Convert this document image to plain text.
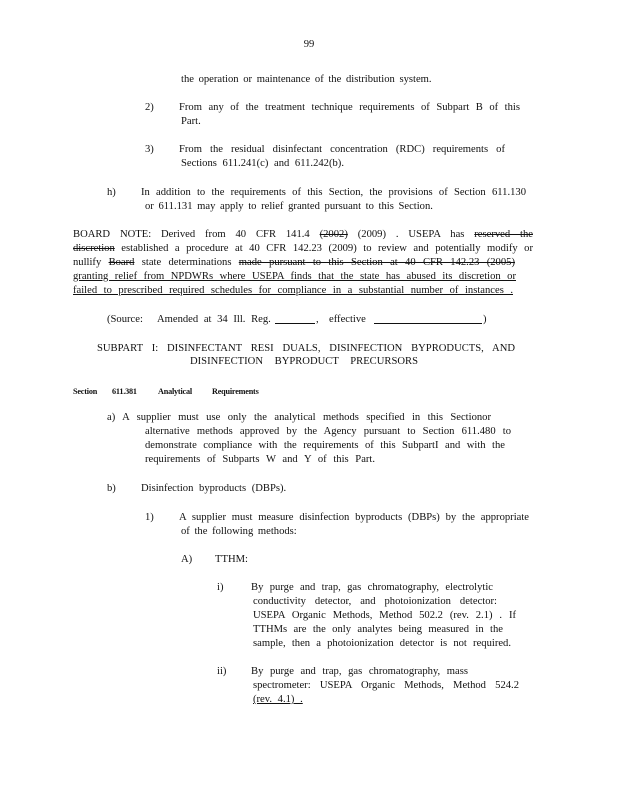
99
the operation or maintenance of the distribution system.
2) From any of the treatment technique requirements of Subpart B of this
Part.
3) From the residual disinfectant concentration (RDC) requirements of
Sections 611.241(c) and 611.242(b).
h) In addition to the requirements of this Section, the provisions of Section 611.130
or 611.131 may apply to relief granted pursuant to this Section.
BOARD NOTE: Derived from 40 CFR 141.4 (2002) (2009) . USEPA has reserved the
discretion established a procedure at 40 CFR 142.23 (2009) to review and potentially modify or
nullify Board state determinations made pursuant to this Section at 40 CFR 142.23 (2005)
granting relief from NPDWRs where USEPA finds that the state has abused its discretion or
failed to prescribed required schedules for compliance in a substantial number of instances .
(Source: Amended at 34 Ill. Reg.	, effective	)
SUBPART I: DISINFECTANT RESI DUALS, DISINFECTION BYPRODUCTS, AND
DISINFECTION BYPRODUCT PRECURSORS
Section 611.381	Analytical Requirements
a) A supplier must use only the analytical methods specified in this Sectionor
alternative methods approved by the Agency pursuant to Section 611.480 to
demonstrate compliance with the requirements of this SubpartI and with the
requirements of Subparts W and Y of this Part.
b) Disinfection byproducts (DBPs).
1) A supplier must measure disinfection byproducts (DBPs) by the appropriate
of the following methods:
A) TTHM:
i)	By purge and trap, gas chromatography, electrolytic
conductivity detector, and photoionization detector:
USEPA Organic Methods, Method 502.2 (rev. 2.1) . If
TTHMs are the only analytes being measured in the
sample, then a photoionization detector is not required.
ii) By purge and trap, gas chromatography, mass
spectrometer: USEPA Organic Methods, Method 524.2
(rev. 4.1) .
